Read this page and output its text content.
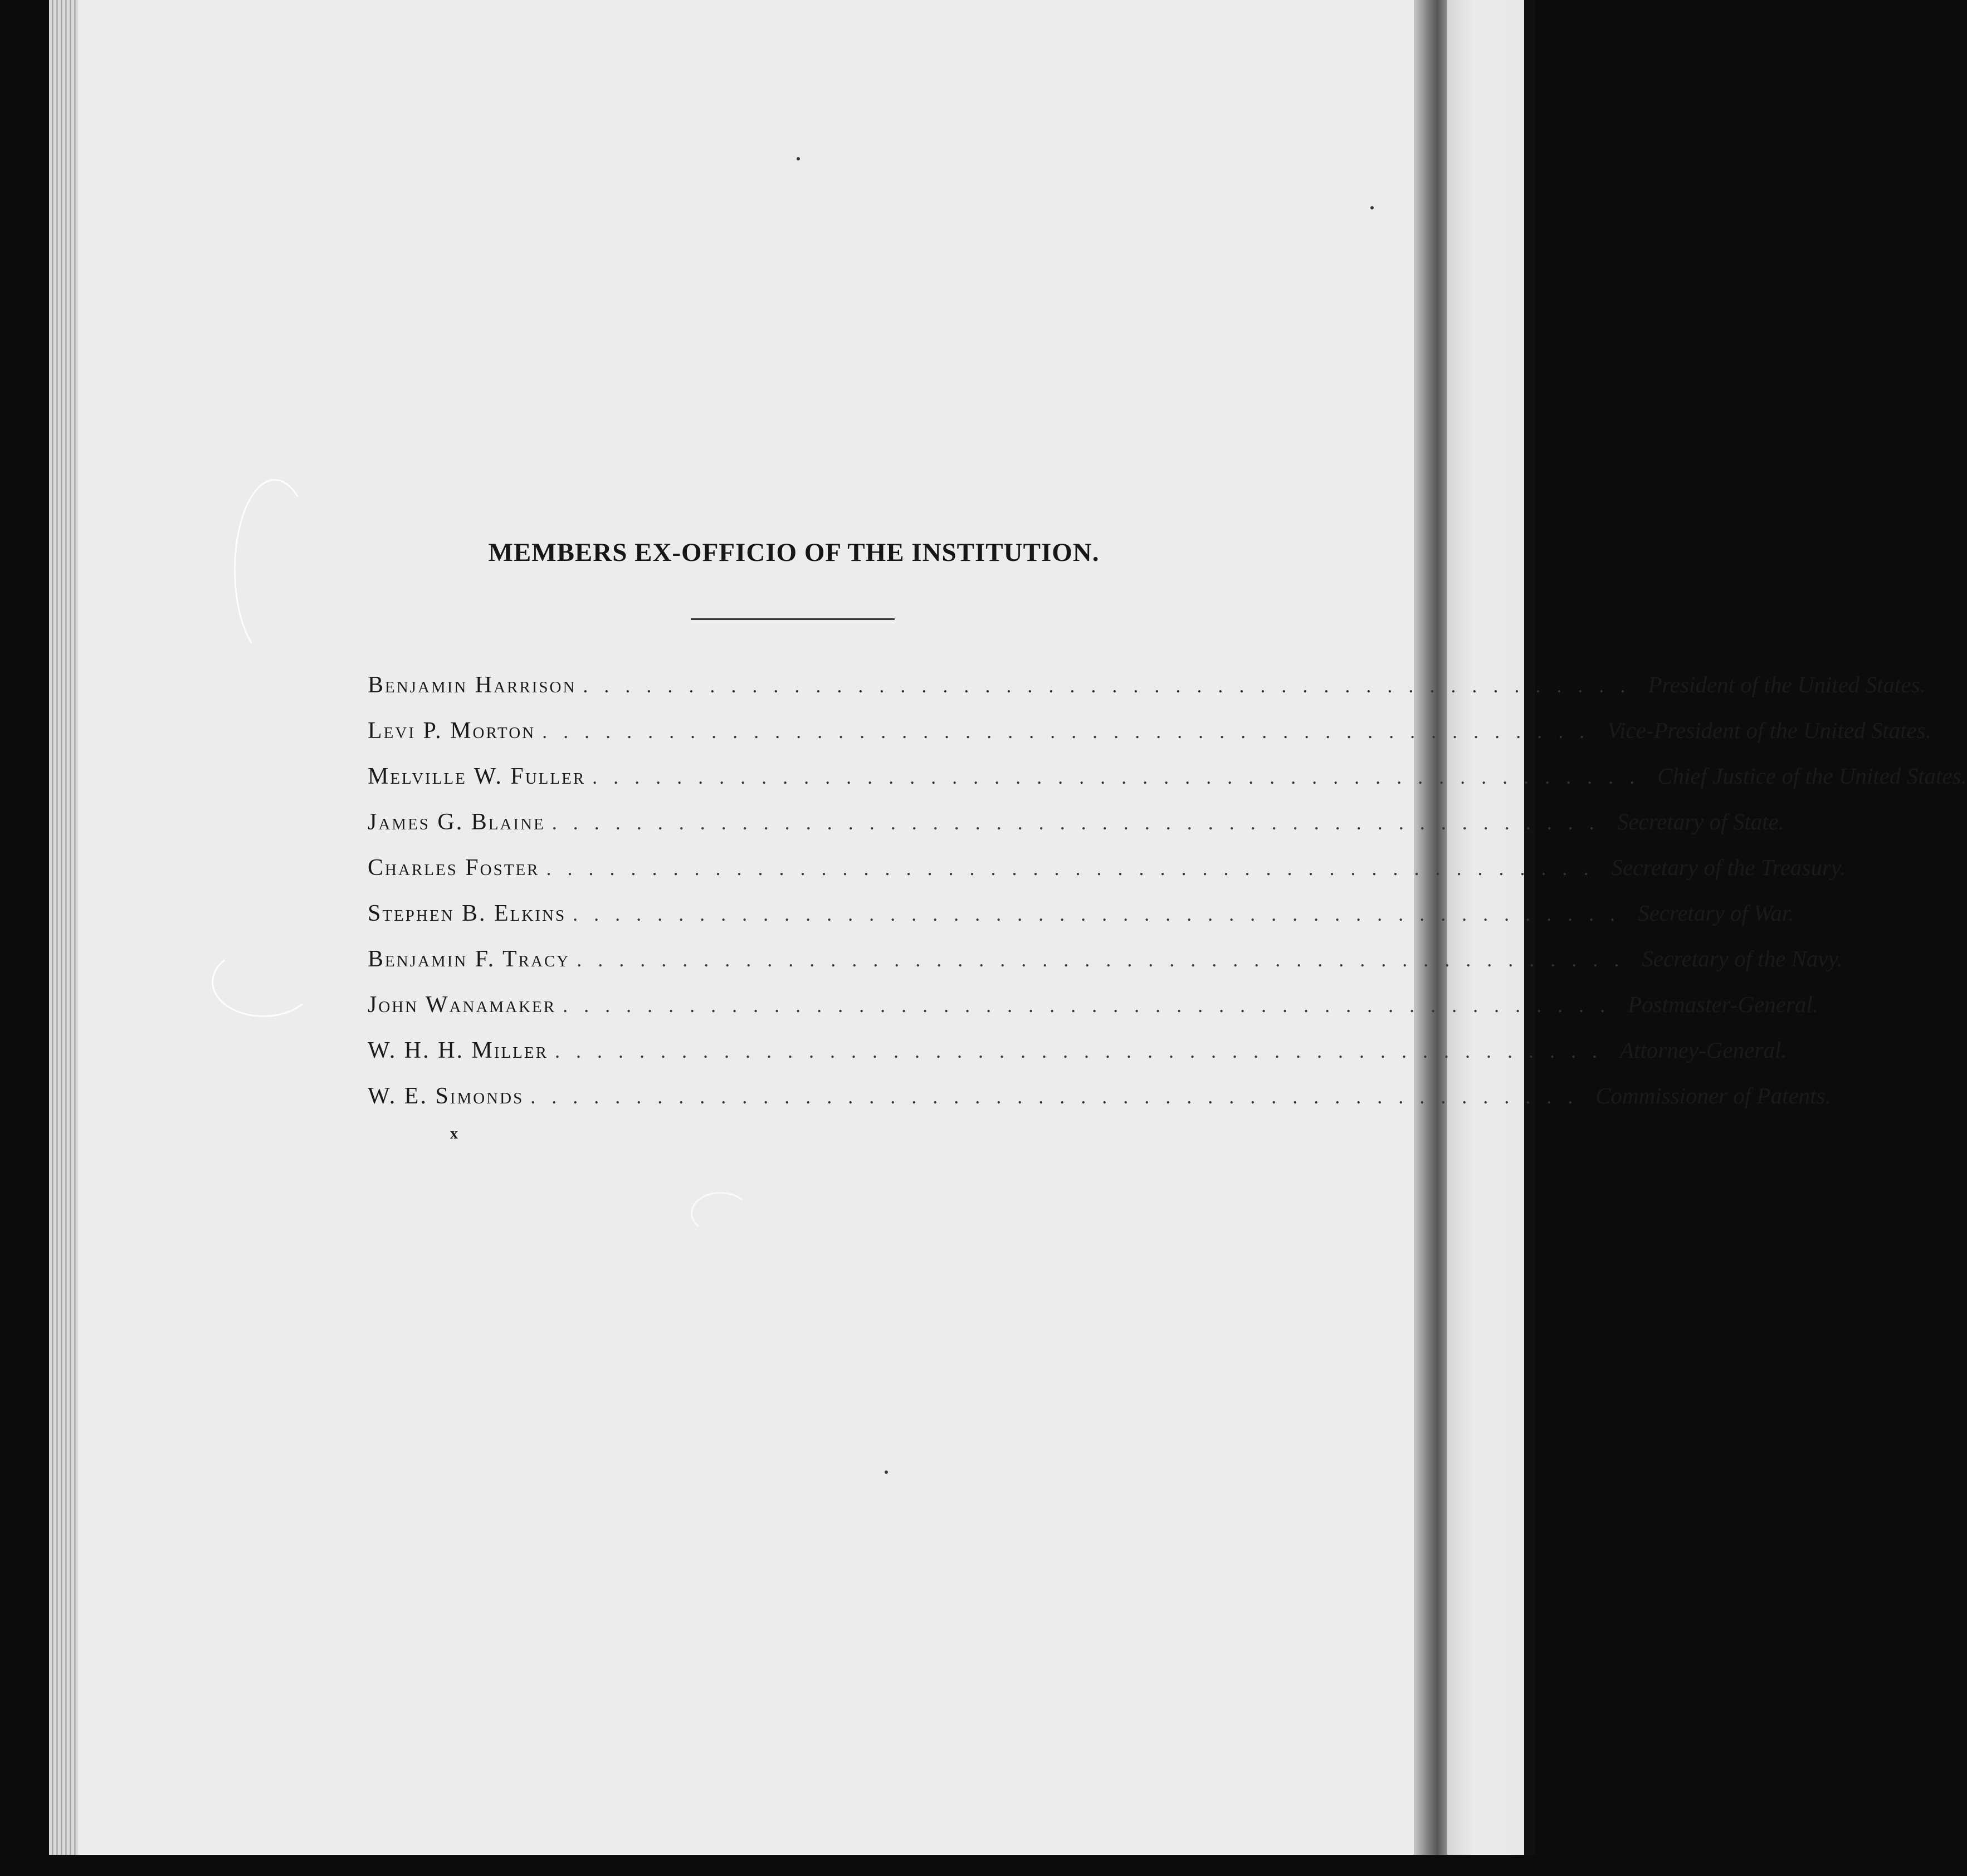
MEMBERS EX-OFFICIO OF THE INSTITUTION.
Benjamin Harrison .................................................. President of the United States.
Levi P. Morton .................................................. Vice-President of the United States.
Melville W. Fuller .................................................. Chief Justice of the United States.
James G. Blaine .................................................. Secretary of State.
Charles Foster .................................................. Secretary of the Treasury.
Stephen B. Elkins .................................................. Secretary of War.
Benjamin F. Tracy .................................................. Secretary of the Navy.
John Wanamaker .................................................. Postmaster-General.
W. H. H. Miller .................................................. Attorney-General.
W. E. Simonds .................................................. Commissioner of Patents.
x
